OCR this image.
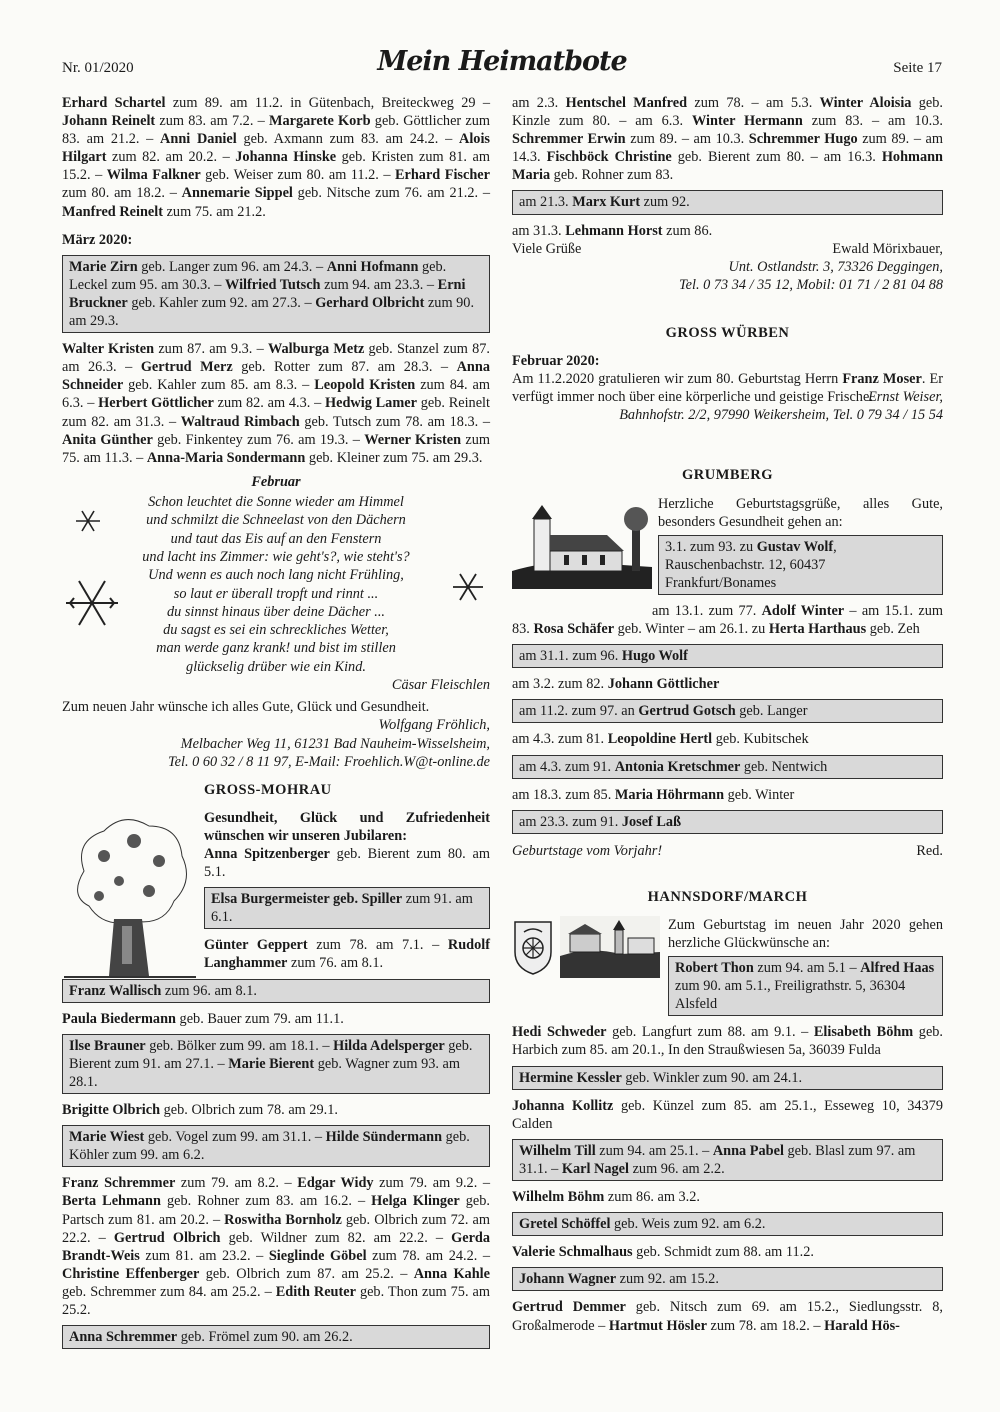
Nr. 01/2020	Mein Heimatbote	Seite 17

Erhard Schartel zum 89. am 11.2. in Gütenbach, Breiteckweg 29 – Johann Reinelt zum 83. am 7.2. – Margarete Korb geb. Göttlicher zum 83. am 21.2. – Anni Daniel geb. Axmann zum 83. am 24.2. – Alois Hilgart zum 82. am 20.2. – Johanna Hinske geb. Kristen zum 81. am 15.2. – Wilma Falkner geb. Weiser zum 80. am 11.2. – Erhard Fischer zum 80. am 18.2. – Annemarie Sippel geb. Nitsche zum 76. am 21.2. – Manfred Reinelt zum 75. am 21.2.

März 2020:

Marie Zirn geb. Langer zum 96. am 24.3. – Anni Hofmann geb. Leckel zum 95. am 30.3. – Wilfried Tutsch zum 94. am 23.3. – Erni Bruckner geb. Kahler zum 92. am 27.3. – Gerhard Olbricht zum 90. am 29.3.

Walter Kristen zum 87. am 9.3. – Walburga Metz geb. Stanzel zum 87. am 26.3. – Gertrud Merz geb. Rotter zum 87. am 28.3. – Anna Schneider geb. Kahler zum 85. am 8.3. – Leopold Kristen zum 84. am 6.3. – Herbert Göttlicher zum 82. am 4.3. – Hedwig Lamer geb. Reinelt zum 82. am 31.3. – Waltraud Rimbach geb. Tutsch zum 78. am 18.3. – Anita Günther geb. Finkentey zum 76. am 19.3. – Werner Kristen zum 75. am 11.3. – Anna-Maria Sondermann geb. Kleiner zum 75. am 29.3.

Februar
Schon leuchtet die Sonne wieder am Himmel
und schmilzt die Schneelast von den Dächern
und taut das Eis auf an den Fenstern
und lacht ins Zimmer: wie geht's?, wie steht's?
Und wenn es auch noch lang nicht Frühling,
so laut er überall tropft und rinnt ...
du sinnst hinaus über deine Dächer ...
du sagst es sei ein schreckliches Wetter,
man werde ganz krank! und bist im stillen
glückselig drüber wie ein Kind.
Cäsar Fleischlen

Zum neuen Jahr wünsche ich alles Gute, Glück und Gesundheit.

Wolfgang Fröhlich,
Melbacher Weg 11, 61231 Bad Nauheim-Wisselsheim,
Tel. 0 60 32 / 8 11 97, E-Mail: Froehlich.W@t-online.de
GROSS-MOHRAU

Gesundheit, Glück und Zufriedenheit wünschen wir unseren Jubilaren:

Anna Spitzenberger geb. Bierent zum 80. am 5.1.

Elsa Burgermeister geb. Spiller zum 91. am 6.1.

Günter Geppert zum 78. am 7.1. – Rudolf Langhammer zum 76. am 8.1.

Franz Wallisch zum 96. am 8.1.

Paula Biedermann geb. Bauer zum 79. am 11.1.

Ilse Brauner geb. Bölker zum 99. am 18.1. – Hilda Adelsperger geb. Bierent zum 91. am 27.1. – Marie Bierent geb. Wagner zum 93. am 28.1.

Brigitte Olbrich geb. Olbrich zum 78. am 29.1.

Marie Wiest geb. Vogel zum 99. am 31.1. – Hilde Sündermann geb. Köhler zum 99. am 6.2.

Franz Schremmer zum 79. am 8.2. – Edgar Widy zum 79. am 9.2. – Berta Lehmann geb. Rohner zum 83. am 16.2. – Helga Klinger geb. Partsch zum 81. am 20.2. – Roswitha Bornholz geb. Olbrich zum 72. am 22.2. – Gertrud Olbrich geb. Wildner zum 82. am 22.2. – Gerda Brandt-Weis zum 81. am 23.2. – Sieglinde Göbel zum 78. am 24.2. – Christine Effenberger geb. Olbrich zum 87. am 25.2. – Anna Kahle geb. Schremmer zum 84. am 25.2. – Edith Reuter geb. Thon zum 75. am 25.2.

Anna Schremmer geb. Frömel zum 90. am 26.2.

am 2.3. Hentschel Manfred zum 78. – am 5.3. Winter Aloisia geb. Kinzle zum 80. – am 6.3. Winter Hermann zum 83. – am 10.3. Schremmer Erwin zum 89. – am 10.3. Schremmer Hugo zum 89. – am 14.3. Fischböck Christine geb. Bierent zum 80. – am 16.3. Hohmann Maria geb. Rohner zum 83.

am 21.3. Marx Kurt zum 92.

am 31.3. Lehmann Horst zum 86.

Viele Grüße	Ewald Mörixbauer,
Unt. Ostlandstr. 3, 73326 Deggingen,
Tel. 0 73 34 / 35 12, Mobil: 01 71 / 2 81 04 88
GROSS WÜRBEN

Februar 2020:

Am 11.2.2020 gratulieren wir zum 80. Geburtstag Herrn Franz Moser. Er verfügt immer noch über eine körperliche und geistige Frische.

Ernst Weiser,
Bahnhofstr. 2/2, 97990 Weikersheim, Tel. 0 79 34 / 15 54
GRUMBERG

Herzliche Geburtstagsgrüße, alles Gute, besonders Gesundheit gehen an:

3.1. zum 93. zu Gustav Wolf, Rauschenbachstr. 12, 60437 Frankfurt/Bonames

am 13.1. zum 77. Adolf Winter – am 15.1. zum 83. Rosa Schäfer geb. Winter – am 26.1. zu Herta Harthaus geb. Zeh

am 31.1. zum 96. Hugo Wolf

am 3.2. zum 82. Johann Göttlicher

am 11.2. zum 97. an Gertrud Gotsch geb. Langer

am 4.3. zum 81. Leopoldine Hertl geb. Kubitschek

am 4.3. zum 91. Antonia Kretschmer geb. Nentwich

am 18.3. zum 85. Maria Höhrmann geb. Winter

am 23.3. zum 91. Josef Laß
Geburtstage vom Vorjahr!	Red.
HANNSDORF/MARCH

Zum Geburtstag im neuen Jahr 2020 gehen herzliche Glückwünsche an:

Robert Thon zum 94. am 5.1 – Alfred Haas zum 90. am 5.1., Freiligrathstr. 5, 36304 Alsfeld

Hedi Schweder geb. Langfurt zum 88. am 9.1. – Elisabeth Böhm geb. Harbich zum 85. am 20.1., In den Straußwiesen 5a, 36039 Fulda

Hermine Kessler geb. Winkler zum 90. am 24.1.

Johanna Kollitz geb. Künzel zum 85. am 25.1., Esseweg 10, 34379 Calden

Wilhelm Till zum 94. am 25.1. – Anna Pabel geb. Blasl zum 97. am 31.1. – Karl Nagel zum 96. am 2.2.

Wilhelm Böhm zum 86. am 3.2.

Gretel Schöffel geb. Weis zum 92. am 6.2.

Valerie Schmalhaus geb. Schmidt zum 88. am 11.2.

Johann Wagner zum 92. am 15.2.

Gertrud Demmer geb. Nitsch zum 69. am 15.2., Siedlungsstr. 8, Großalmerode – Hartmut Hösler zum 78. am 18.2. – Harald Hös-
